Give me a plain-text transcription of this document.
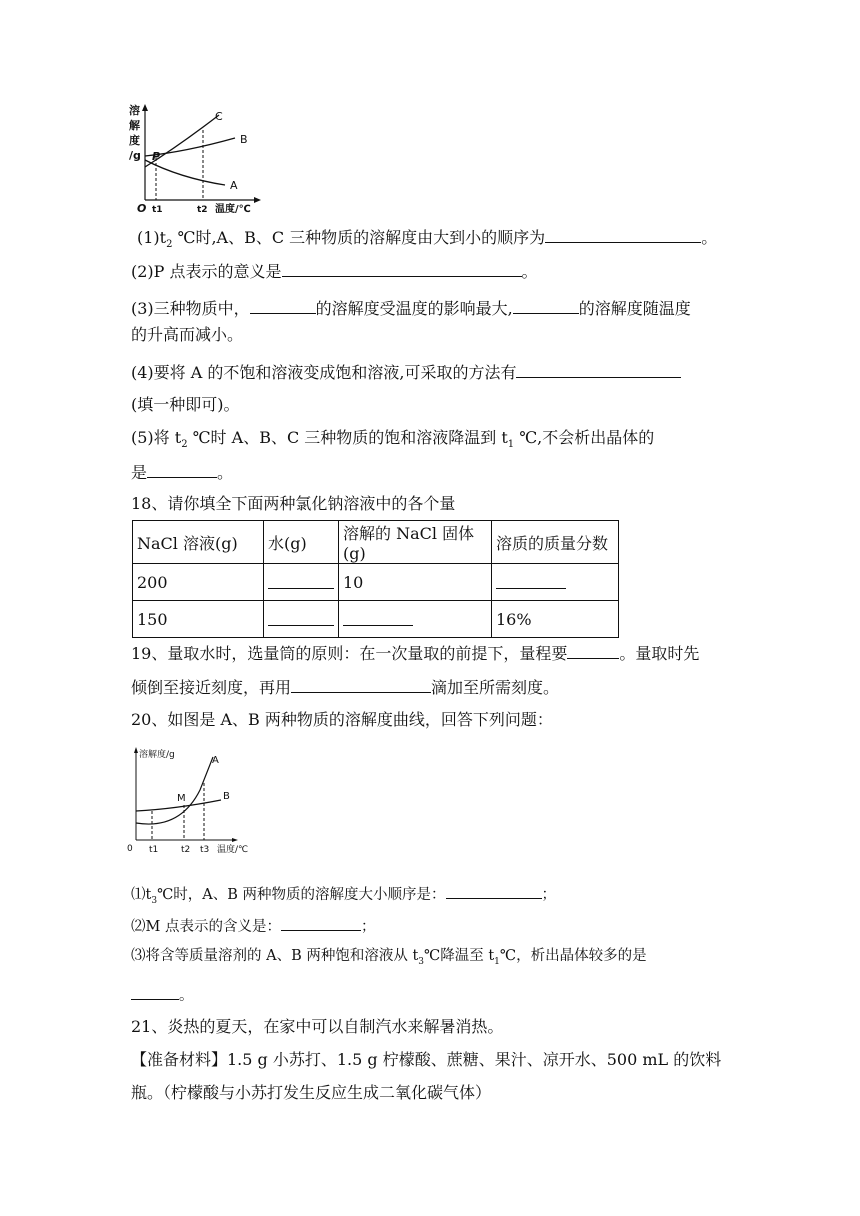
溶
解
度
/g
O t1	t2 温度/℃
C
B
A
P
$(1)t_2$ ℃时,A、B、C 三种物质的溶解度由大到小的顺序为	。
(2)P 点表示的意义是	。
(3)三种物质中，	的溶解度受温度的影响最大,	的溶解度随温度
的升高而减小。
(4)要将 A 的不饱和溶液变成饱和溶液,可采取的方法有
(填一种即可)。
(5)将 $t_2$ ℃时 A、B、C 三种物质的饱和溶液降温到 $t_1$ ℃,不会析出晶体的
是	。
18、请你填全下面两种氯化钠溶液中的各个量
NaCl 溶液(g)	水(g)	溶解的 NaCl 固体(g)	溶质的质量分数
200		10	
150			16%
19、量取水时，选量筒的原则：在一次量取的前提下，量程要	。量取时先
倾倒至接近刻度，再用	滴加至所需刻度。
20、如图是 A、B 两种物质的溶解度曲线，回答下列问题：
溶解度/g
0 t1	t2 t3 温度/℃
A
B
M
$⑴t_3℃$时，A、B 两种物质的溶解度大小顺序是：	；
⑵M 点表示的含义是：	；
⑶将含等质量溶剂的 A、B 两种饱和溶液从 $t_3℃$降温至 $t_1℃$，析出晶体较多的是
。
21、炎热的夏天，在家中可以自制汽水来解暑消热。
【准备材料】1.5 g 小苏打、1.5 g 柠檬酸、蔗糖、果汁、凉开水、500 mL 的饮料
瓶。（柠檬酸与小苏打发生反应生成二氧化碳气体）
